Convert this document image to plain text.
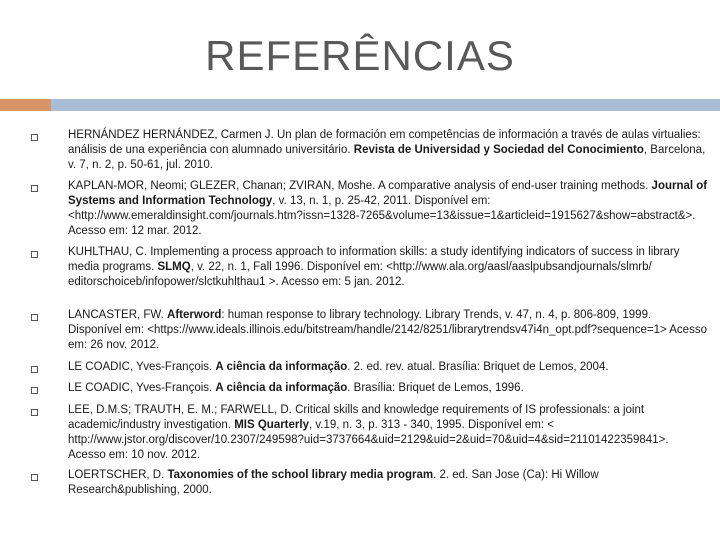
REFERÊNCIAS
HERNÁNDEZ HERNÁNDEZ, Carmen J. Un plan de formación em competências de información a través de aulas virtualies: análisis de una experiência con alumnado universitário. Revista de Universidad y Sociedad del Conocimiento, Barcelona, v. 7, n. 2, p. 50-61, jul. 2010.
KAPLAN-MOR, Neomi; GLEZER, Chanan; ZVIRAN, Moshe. A comparative analysis of end-user training methods. Journal of Systems and Information Technology, v. 13, n. 1, p. 25-42, 2011. Disponível em: <http://www.emeraldinsight.com/journals.htm?issn=1328-7265&volume=13&issue=1&articleid=1915627&show=abstract&>. Acesso em: 12 mar. 2012.
KUHLTHAU, C. Implementing a process approach to information skills: a study identifying indicators of success in library media programs. SLMQ, v. 22, n. 1, Fall 1996. Disponível em: <http://www.ala.org/aasl/aaslpubsandjournals/slmrb/ editorschoiceb/infopower/slctkuhlthau1 >. Acesso em: 5 jan. 2012.
LANCASTER, FW. Afterword: human response to library technology. Library Trends, v. 47, n. 4, p. 806-809, 1999. Disponível em: <https://www.ideals.illinois.edu/bitstream/handle/2142/8251/librarytrendsv47i4n_opt.pdf?sequence=1> Acesso em: 26 nov. 2012.
LE COADIC, Yves-François. A ciência da informação. 2. ed. rev. atual. Brasília: Briquet de Lemos, 2004.
LE COADIC, Yves-François. A ciência da informação. Brasília: Briquet de Lemos, 1996.
LEE, D.M.S; TRAUTH, E. M.; FARWELL, D. Critical skills and knowledge requirements of IS professionals: a joint academic/industry investigation. MIS Quarterly, v.19, n. 3, p. 313 - 340, 1995. Disponível em: < http://www.jstor.org/discover/10.2307/249598?uid=3737664&uid=2129&uid=2&uid=70&uid=4&sid=21101422359841>. Acesso em: 10 nov. 2012.
LOERTSCHER, D. Taxonomies of the school library media program. 2. ed. San Jose (Ca): Hi Willow Research&publishing, 2000.
